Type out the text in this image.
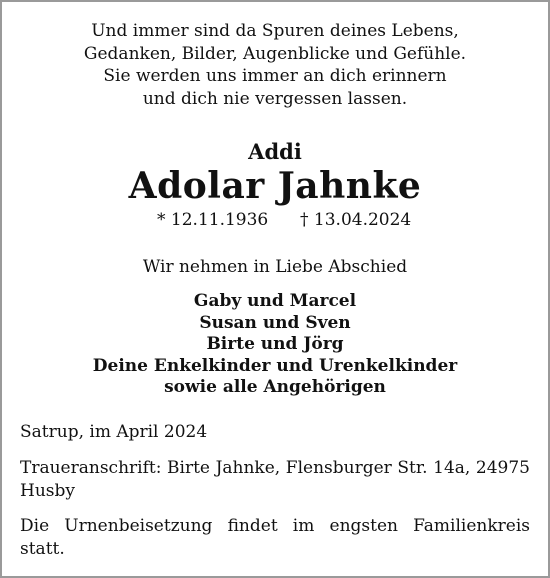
Und immer sind da Spuren deines Lebens,
Gedanken, Bilder, Augenblicke und Gefühle.
Sie werden uns immer an dich erinnern
und dich nie vergessen lassen.
Addi
Adolar Jahnke
* 12.11.1936 † 13.04.2024
Wir nehmen in Liebe Abschied
Gaby und Marcel
Susan und Sven
Birte und Jörg
Deine Enkelkinder und Urenkelkinder
sowie alle Angehörigen
Satrup, im April 2024
Traueranschrift: Birte Jahnke, Flensburger Str. 14a, 24975 Husby
Die Urnenbeisetzung findet im engsten Familienkreis statt.
